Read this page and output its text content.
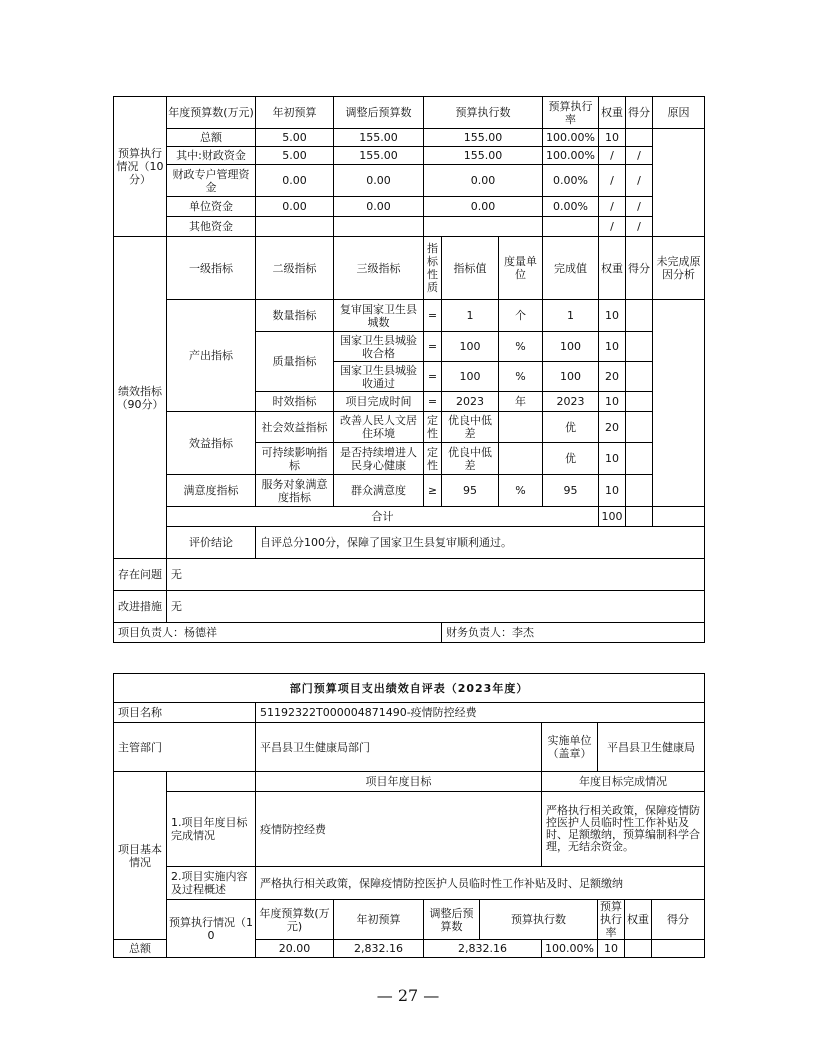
预算执行情况（10分）	年度预算数(万元)	年初预算	调整后预算数	预算执行数			预算执行率	权重	得分	原因
	总额	5.00	155.00	155.00			100.00%	10		
	其中:财政资金	5.00	155.00	155.00			100.00%	/	/	
	财政专户管理资金	0.00	0.00	0.00			0.00%	/	/	
	单位资金	0.00	0.00	0.00			0.00%	/	/	
	其他资金							/	/	
绩效指标（90分）	一级指标	二级指标	三级指标	指标性质	指标值	度量单位	完成值	权重	得分	未完成原因分析
	产出指标	数量指标	复审国家卫生县城数	=	1	个	1	10		
		质量指标	国家卫生县城验收合格	=	100	%	100	10		
			国家卫生县城验收通过	=	100	%	100	20		
		时效指标	项目完成时间	=	2023	年	2023	10		
	效益指标	社会效益指标	改善人民人文居住环境	定性	优良中低差		优	20		
		可持续影响指标	是否持续增进人民身心健康	定性	优良中低差		优	10		
	满意度指标	服务对象满意度指标	群众满意度	≥	95	%	95	10		
	合计							100		
	评价结论	自评总分100分，保障了国家卫生县复审顺利通过。								
存在问题	无									
改进措施	无									
项目负责人：杨德祥					财务负责人：李杰					
部门预算项目支出绩效自评表（2023年度）										
项目名称		51192322T000004871490-疫情防控经费								
主管部门		平昌县卫生健康局部门				实施单位（盖章）	平昌县卫生健康局			
项目基本情况		项目年度目标				年度目标完成情况				
	1.项目年度目标完成情况	疫情防控经费				严格执行相关政策，保障疫情防控医护人员临时性工作补贴及时、足额缴纳，预算编制科学合理，无结余资金。				
	2.项目实施内容及过程概述	严格执行相关政策，保障疫情防控医护人员临时性工作补贴及时、足额缴纳								
	预算执行情况（10	年度预算数(万元)	年初预算	调整后预算数	预算执行数		预算执行率	权重	得分	
总额		20.00	2,832.16	2,832.16		100.00%	10			
— 27 —
